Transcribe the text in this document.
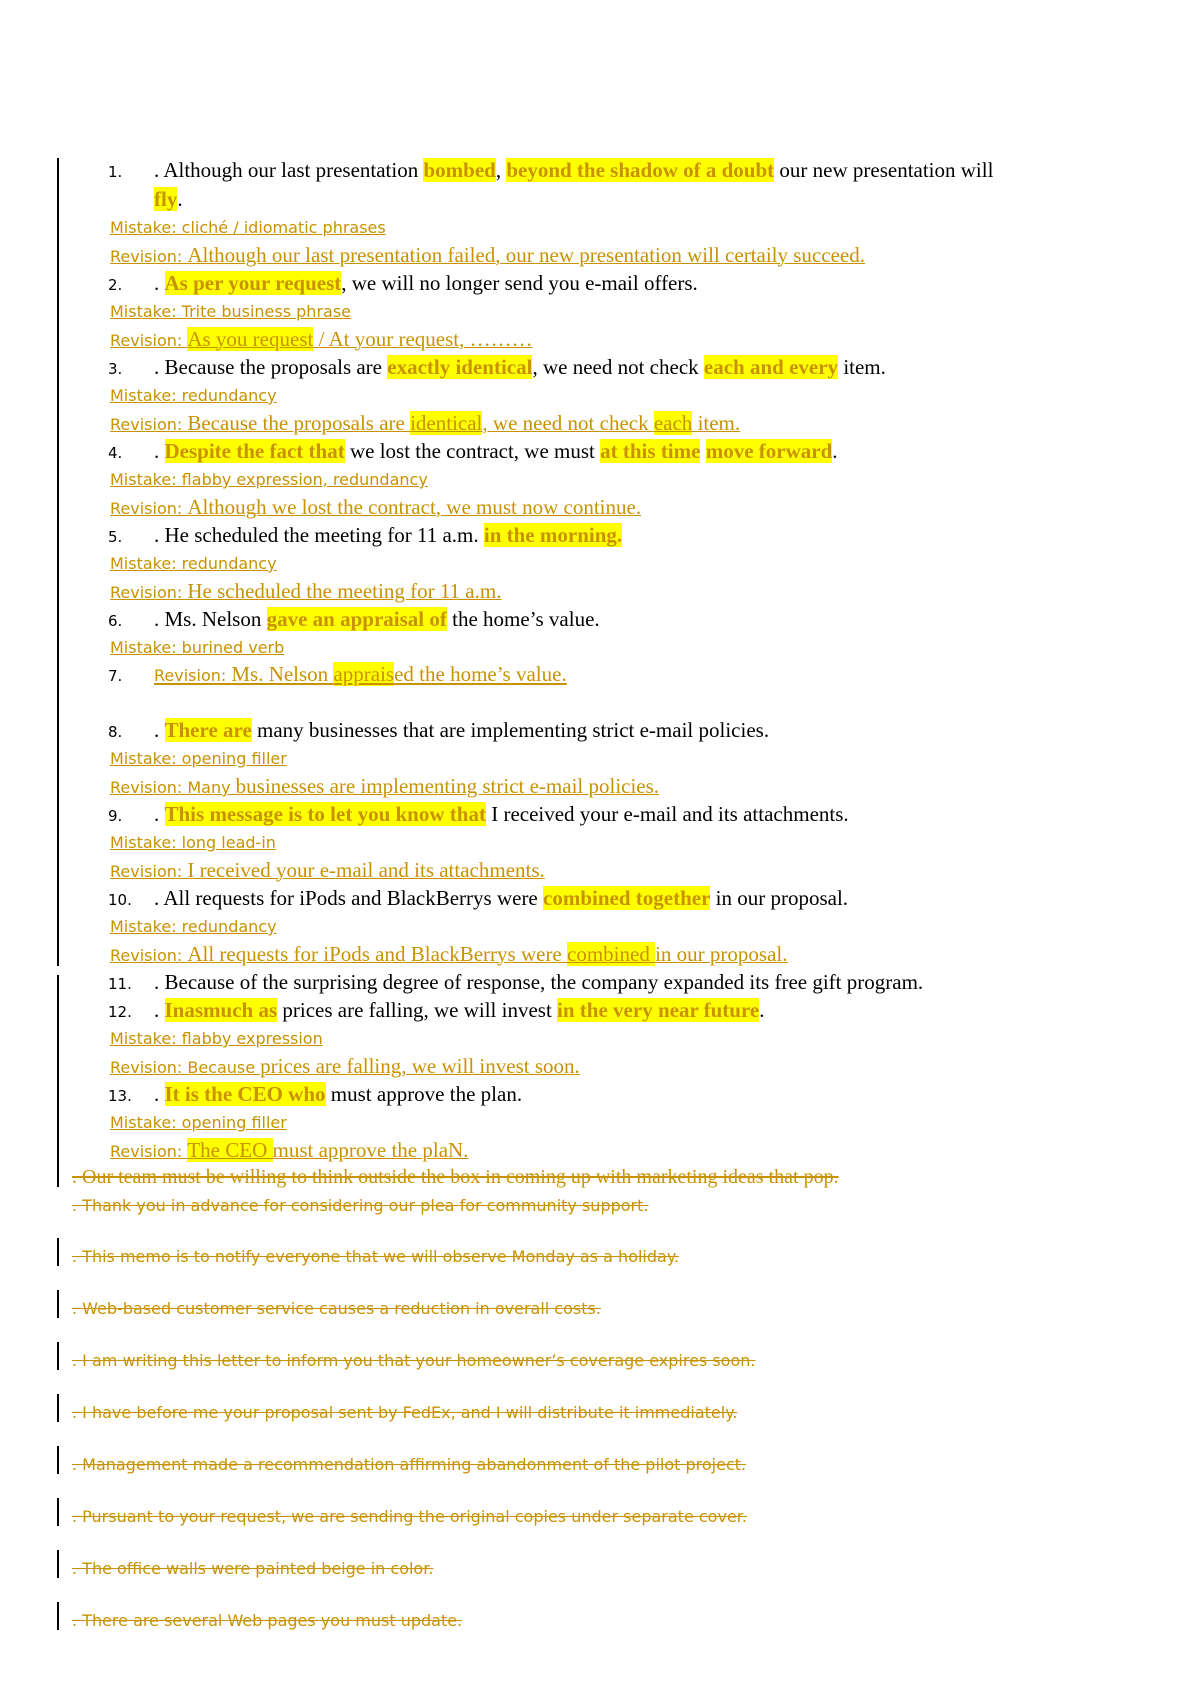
1. . Although our last presentation bombed, beyond the shadow of a doubt our new presentation will
fly.
Mistake: cliché / idiomatic phrases
Revision: Although our last presentation failed, our new presentation will certaily succeed.
2. . As per your request, we will no longer send you e-mail offers.
Mistake: Trite business phrase
Revision: As you request / At your request, ………
3. . Because the proposals are exactly identical, we need not check each and every item.
Mistake: redundancy
Revision: Because the proposals are identical, we need not check each item.
4. . Despite the fact that we lost the contract, we must at this time move forward.
Mistake: flabby expression, redundancy
Revision: Although we lost the contract, we must now continue.
5. . He scheduled the meeting for 11 a.m. in the morning.
Mistake: redundancy
Revision: He scheduled the meeting for 11 a.m.
6. . Ms. Nelson gave an appraisal of the home’s value.
Mistake: burined verb
7. Revision: Ms. Nelson appraised the home’s value.
8. . There are many businesses that are implementing strict e-mail policies.
Mistake: opening filler
Revision: Many businesses are implementing strict e-mail policies.
9. . This message is to let you know that I received your e-mail and its attachments.
Mistake: long lead-in
Revision: I received your e-mail and its attachments.
10. . All requests for iPods and BlackBerrys were combined together in our proposal.
Mistake: redundancy
Revision: All requests for iPods and BlackBerrys were combined in our proposal.
11. . Because of the surprising degree of response, the company expanded its free gift program.
12. . Inasmuch as prices are falling, we will invest in the very near future.
Mistake: flabby expression
Revision: Because prices are falling, we will invest soon.
13. . It is the CEO who must approve the plan.
Mistake: opening filler
Revision: The CEO must approve the plaN.
. Our team must be willing to think outside the box in coming up with marketing ideas that pop.
. Thank you in advance for considering our plea for community support.
. This memo is to notify everyone that we will observe Monday as a holiday.
. Web-based customer service causes a reduction in overall costs.
. I am writing this letter to inform you that your homeowner’s coverage expires soon.
. I have before me your proposal sent by FedEx, and I will distribute it immediately.
. Management made a recommendation affirming abandonment of the pilot project.
. Pursuant to your request, we are sending the original copies under separate cover.
. The office walls were painted beige in color.
. There are several Web pages you must update.
